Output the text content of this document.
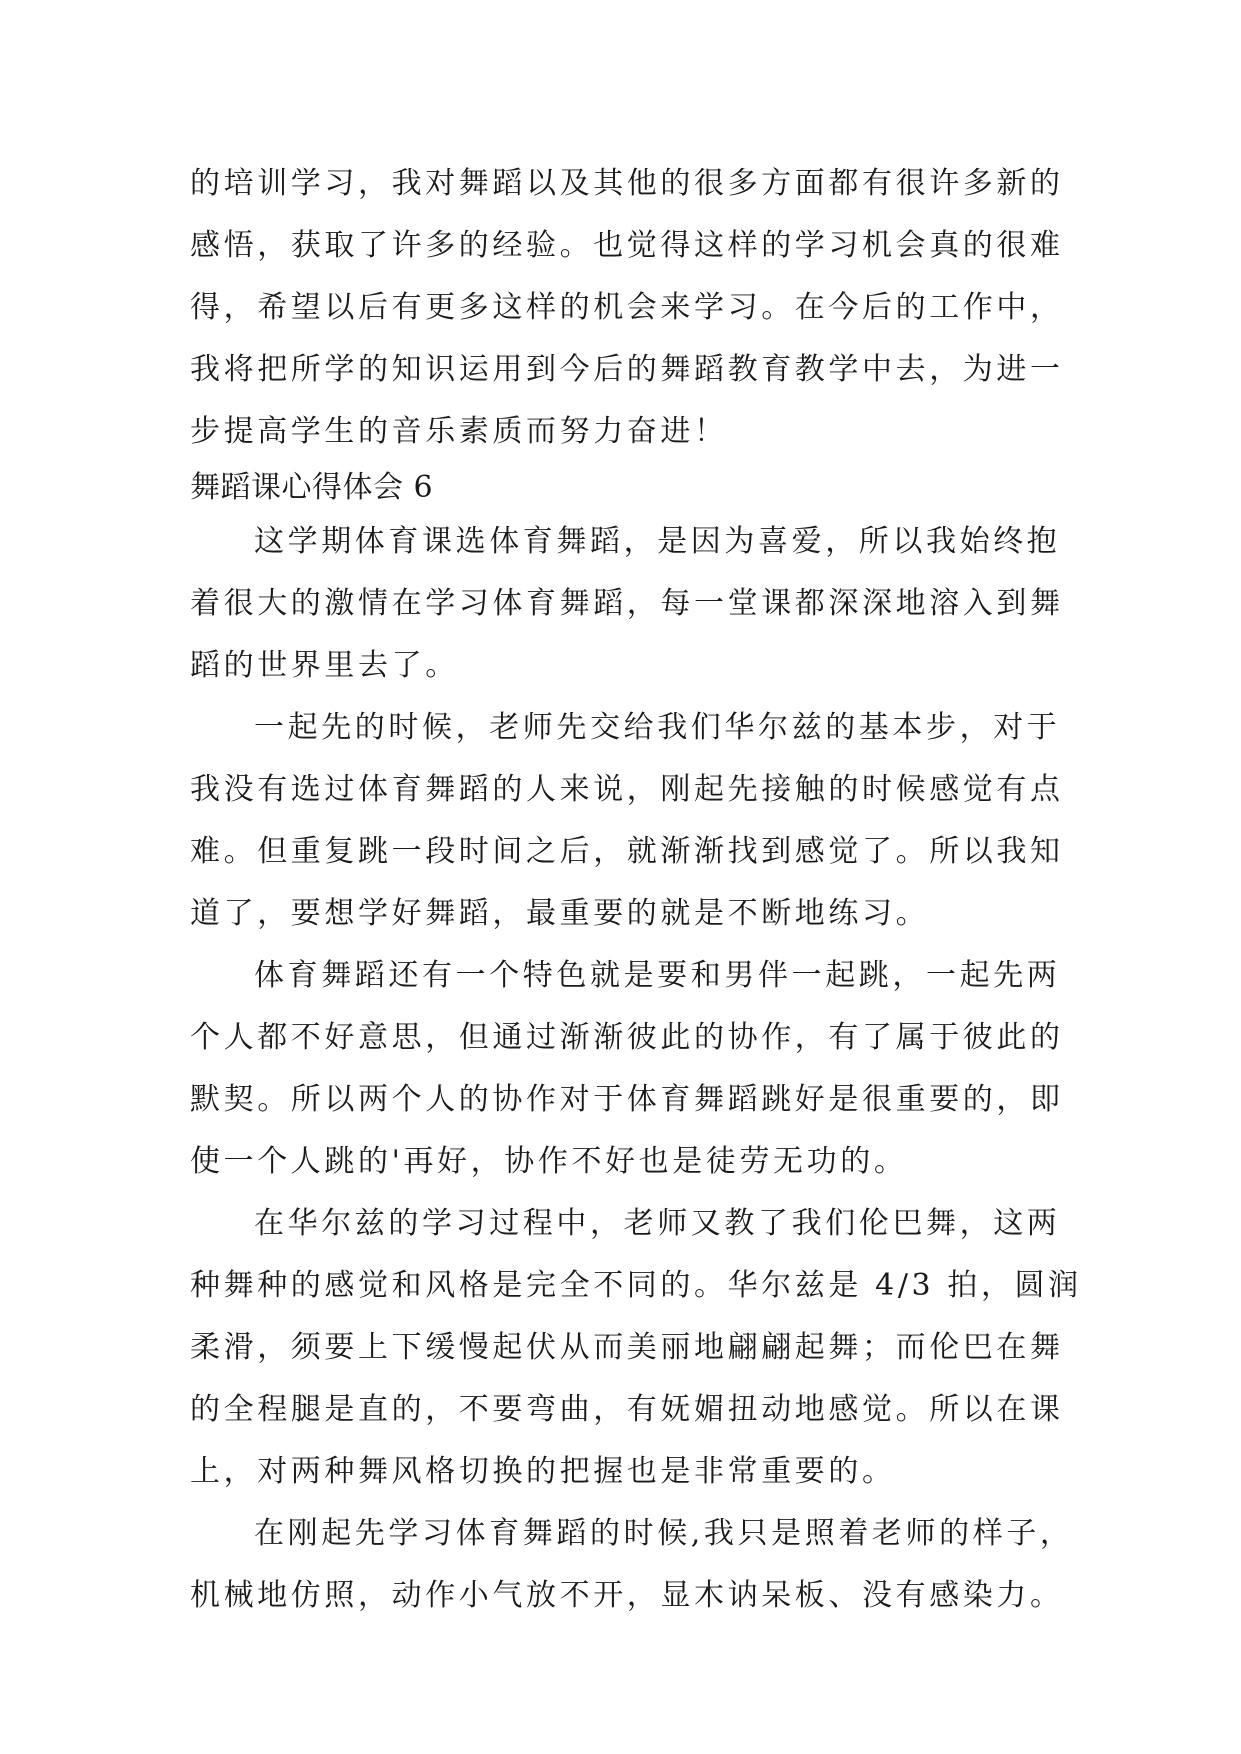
的培训学习，我对舞蹈以及其他的很多方面都有很许多新的
感悟，获取了许多的经验。也觉得这样的学习机会真的很难
得，希望以后有更多这样的机会来学习。在今后的工作中，
我将把所学的知识运用到今后的舞蹈教育教学中去，为进一
步提高学生的音乐素质而努力奋进！
舞蹈课心得体会 6
这学期体育课选体育舞蹈，是因为喜爱，所以我始终抱
着很大的激情在学习体育舞蹈，每一堂课都深深地溶入到舞
蹈的世界里去了。
一起先的时候，老师先交给我们华尔兹的基本步，对于
我没有选过体育舞蹈的人来说，刚起先接触的时候感觉有点
难。但重复跳一段时间之后，就渐渐找到感觉了。所以我知
道了，要想学好舞蹈，最重要的就是不断地练习。
体育舞蹈还有一个特色就是要和男伴一起跳，一起先两
个人都不好意思，但通过渐渐彼此的协作，有了属于彼此的
默契。所以两个人的协作对于体育舞蹈跳好是很重要的，即
使一个人跳的'再好，协作不好也是徒劳无功的。
在华尔兹的学习过程中，老师又教了我们伦巴舞，这两
种舞种的感觉和风格是完全不同的。华尔兹是 4/3 拍，圆润
柔滑，须要上下缓慢起伏从而美丽地翩翩起舞；而伦巴在舞
的全程腿是直的，不要弯曲，有妩媚扭动地感觉。所以在课
上，对两种舞风格切换的把握也是非常重要的。
在刚起先学习体育舞蹈的时候,我只是照着老师的样子，
机械地仿照，动作小气放不开，显木讷呆板、没有感染力。
